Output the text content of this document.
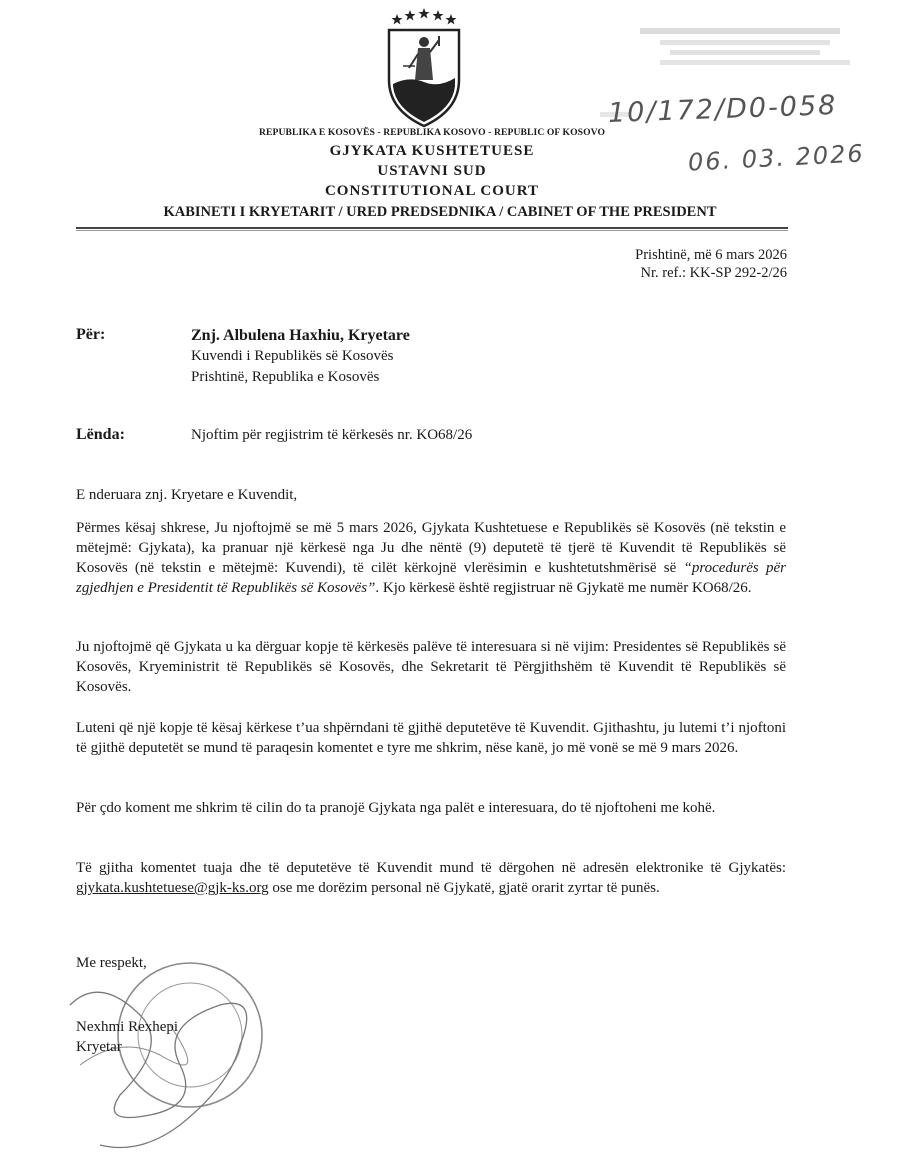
10/172/D0-058
06. 03. 2026
REPUBLIKA E KOSOVËS - REPUBLIKA KOSOVO - REPUBLIC OF KOSOVO
GJYKATA KUSHTETUESE
USTAVNI SUD
CONSTITUTIONAL COURT
KABINETI I KRYETARIT / URED PREDSEDNIKA / CABINET OF THE PRESIDENT
Prishtinë, më 6 mars 2026
Nr. ref.: KK-SP 292-2/26
Për:	Znj. Albulena Haxhiu, Kryetare
Kuvendi i Republikës së Kosovës
Prishtinë, Republika e Kosovës
Lënda:	Njoftim për regjistrim të kërkesës nr. KO68/26
E nderuara znj. Kryetare e Kuvendit,
Përmes kësaj shkrese, Ju njoftojmë se më 5 mars 2026, Gjykata Kushtetuese e Republikës së Kosovës (në tekstin e mëtejmë: Gjykata), ka pranuar një kërkesë nga Ju dhe nëntë (9) deputetë të tjerë të Kuvendit të Republikës së Kosovës (në tekstin e mëtejmë: Kuvendi), të cilët kërkojnë vlerësimin e kushtetutshmërisë së “procedurës për zgjedhjen e Presidentit të Republikës së Kosovës”. Kjo kërkesë është regjistruar në Gjykatë me numër KO68/26.
Ju njoftojmë që Gjykata u ka dërguar kopje të kërkesës palëve të interesuara si në vijim: Presidentes së Republikës së Kosovës, Kryeministrit të Republikës së Kosovës, dhe Sekretarit të Përgjithshëm të Kuvendit të Republikës së Kosovës.
Luteni që një kopje të kësaj kërkese t’ua shpërndani të gjithë deputetëve të Kuvendit. Gjithashtu, ju lutemi t’i njoftoni të gjithë deputetët se mund të paraqesin komentet e tyre me shkrim, nëse kanë, jo më vonë se më 9 mars 2026.
Për çdo koment me shkrim të cilin do ta pranojë Gjykata nga palët e interesuara, do të njoftoheni me kohë.
Të gjitha komentet tuaja dhe të deputetëve të Kuvendit mund të dërgohen në adresën elektronike të Gjykatës: gjykata.kushtetuese@gjk-ks.org ose me dorëzim personal në Gjykatë, gjatë orarit zyrtar të punës.
Me respekt,
Nexhmi Rexhepi
Kryetar
